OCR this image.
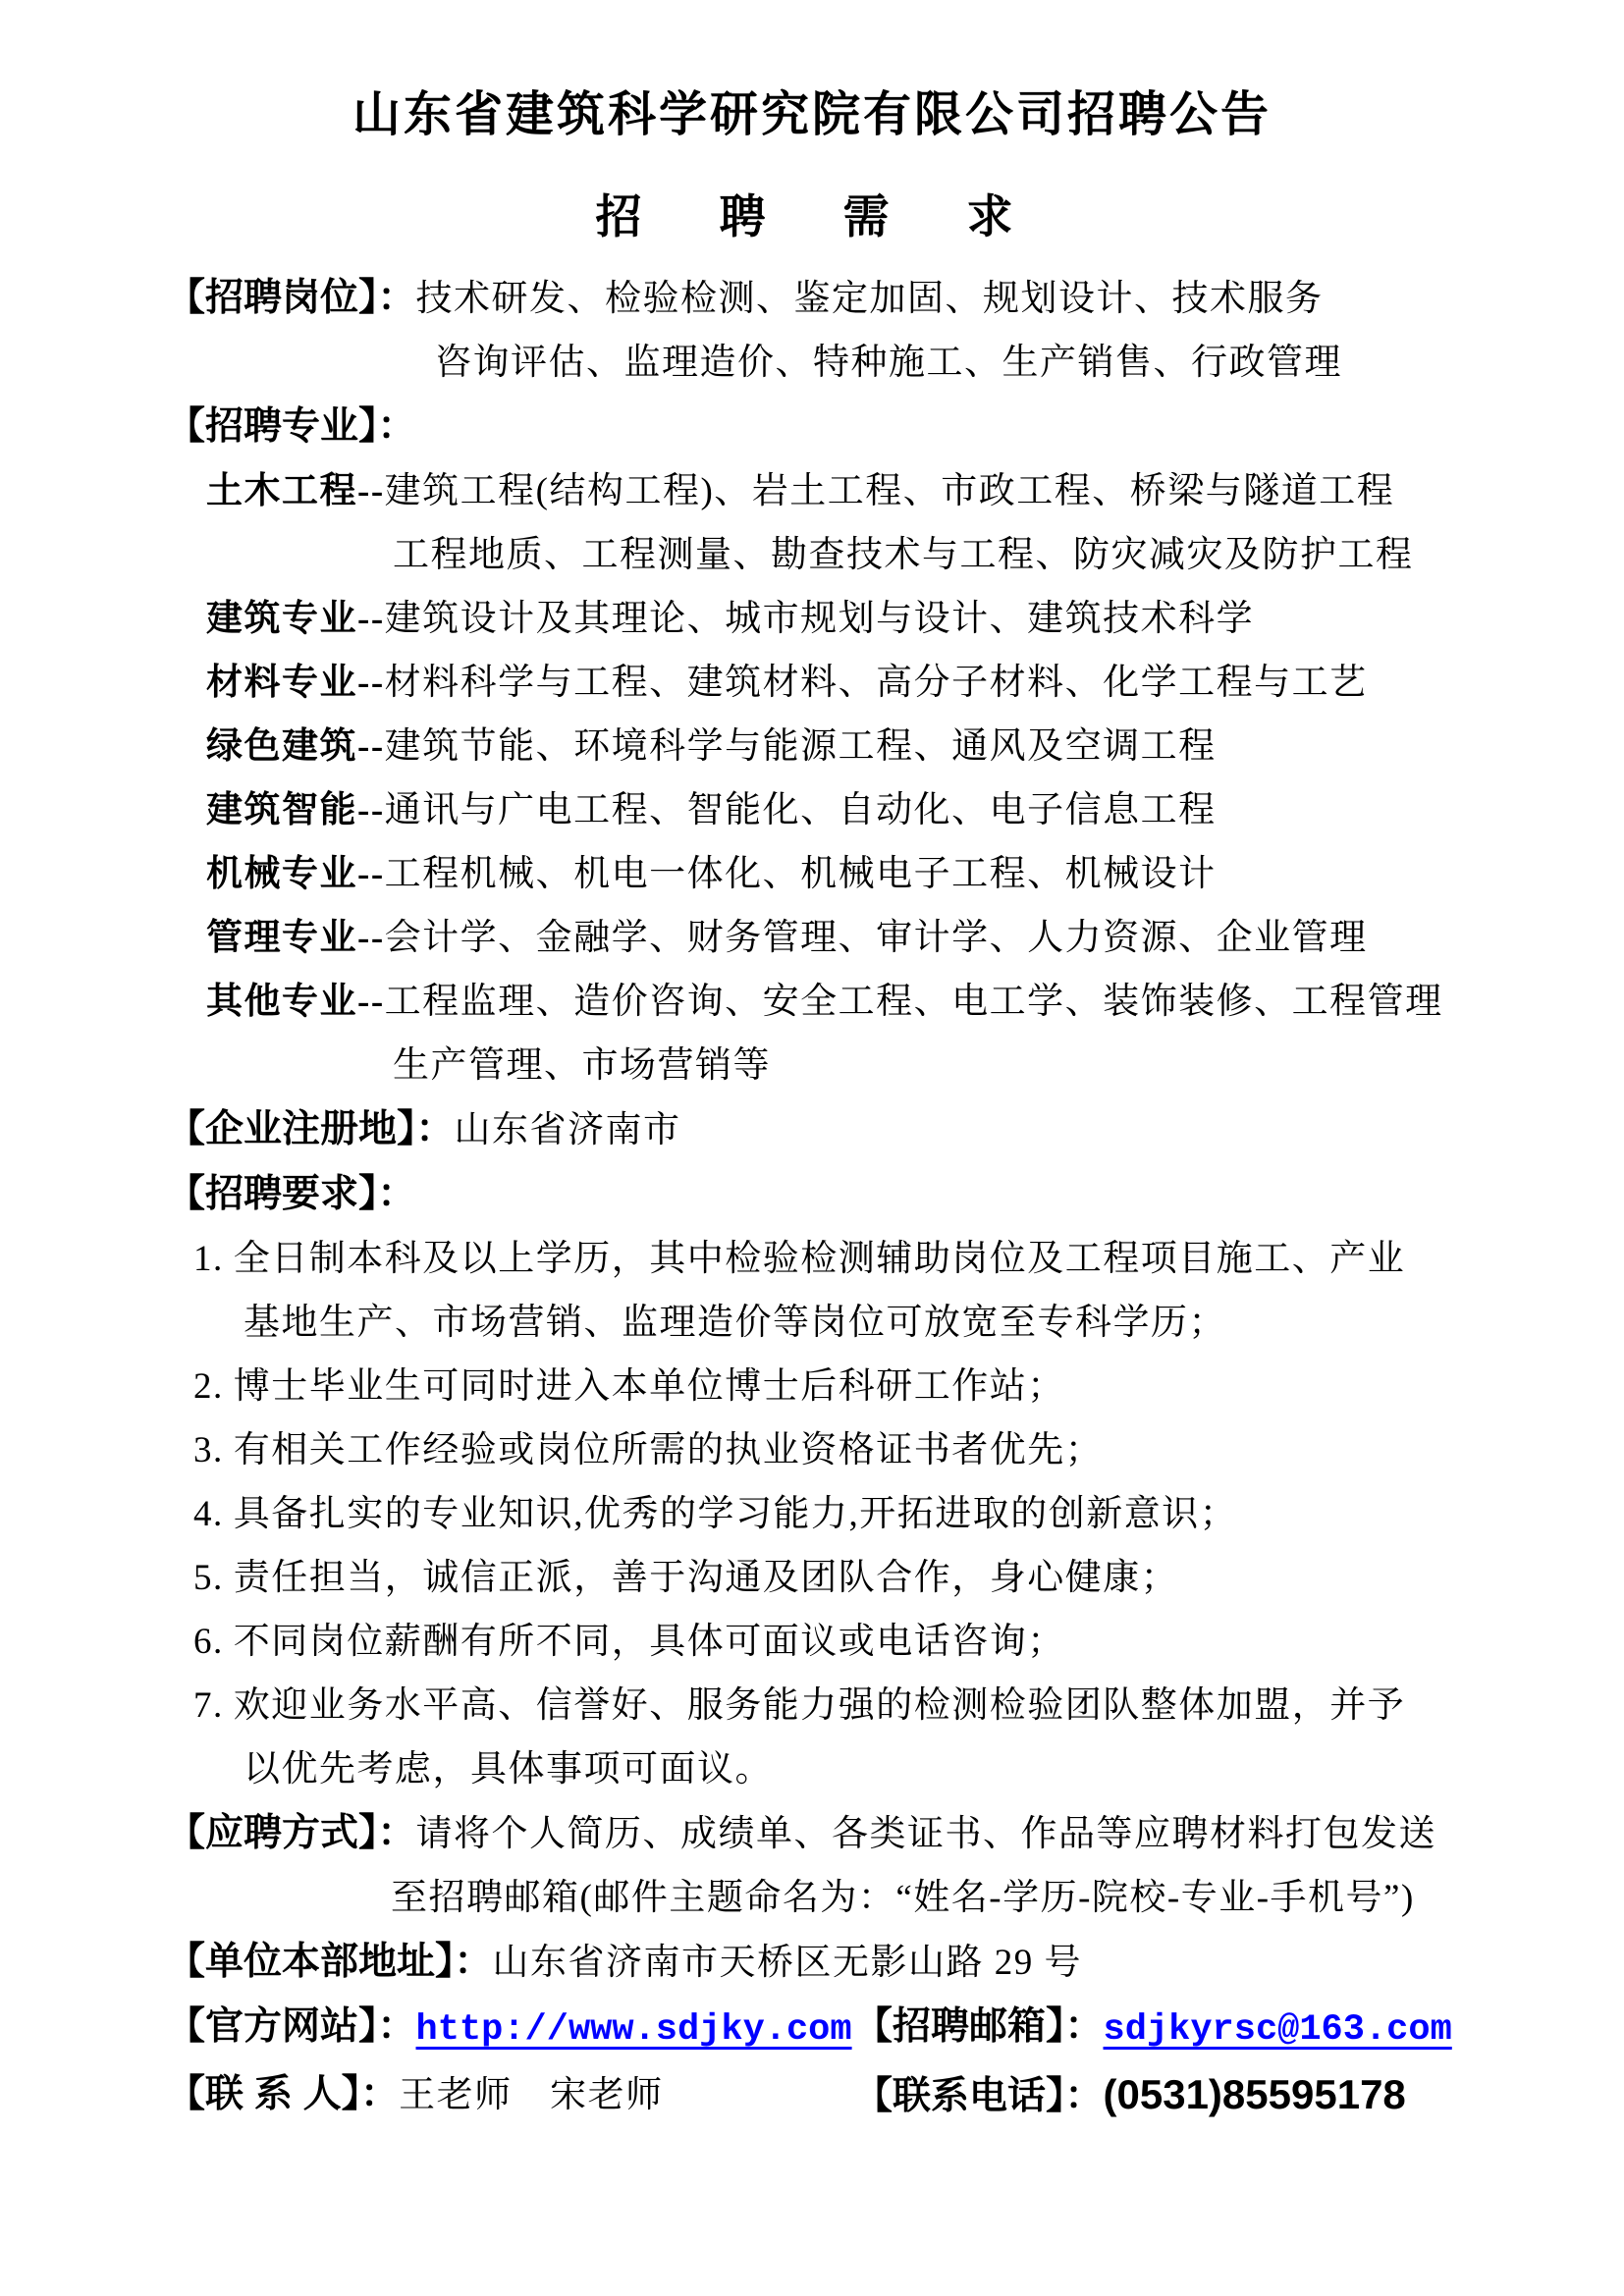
山东省建筑科学研究院有限公司招聘公告
招　聘　需　求
【招聘岗位】：技术研发、检验检测、鉴定加固、规划设计、技术服务
咨询评估、监理造价、特种施工、生产销售、行政管理
【招聘专业】：
土木工程--建筑工程(结构工程)、岩土工程、市政工程、桥梁与隧道工程
工程地质、工程测量、勘查技术与工程、防灾减灾及防护工程
建筑专业--建筑设计及其理论、城市规划与设计、建筑技术科学
材料专业--材料科学与工程、建筑材料、高分子材料、化学工程与工艺
绿色建筑--建筑节能、环境科学与能源工程、通风及空调工程
建筑智能--通讯与广电工程、智能化、自动化、电子信息工程
机械专业--工程机械、机电一体化、机械电子工程、机械设计
管理专业--会计学、金融学、财务管理、审计学、人力资源、企业管理
其他专业--工程监理、造价咨询、安全工程、电工学、装饰装修、工程管理
生产管理、市场营销等
【企业注册地】：山东省济南市
【招聘要求】：
1. 全日制本科及以上学历，其中检验检测辅助岗位及工程项目施工、产业
基地生产、市场营销、监理造价等岗位可放宽至专科学历；
2. 博士毕业生可同时进入本单位博士后科研工作站；
3. 有相关工作经验或岗位所需的执业资格证书者优先；
4. 具备扎实的专业知识,优秀的学习能力,开拓进取的创新意识；
5. 责任担当，诚信正派，善于沟通及团队合作，身心健康；
6. 不同岗位薪酬有所不同，具体可面议或电话咨询；
7. 欢迎业务水平高、信誉好、服务能力强的检测检验团队整体加盟，并予
以优先考虑，具体事项可面议。
【应聘方式】：请将个人简历、成绩单、各类证书、作品等应聘材料打包发送
至招聘邮箱(邮件主题命名为：“姓名-学历-院校-专业-手机号”)
【单位本部地址】：山东省济南市天桥区无影山路 29 号
【官方网站】：http://www.sdjky.com 【招聘邮箱】：sdjkyrsc@163.com
【联 系 人】：王老师　宋老师	【联系电话】：(0531)85595178
